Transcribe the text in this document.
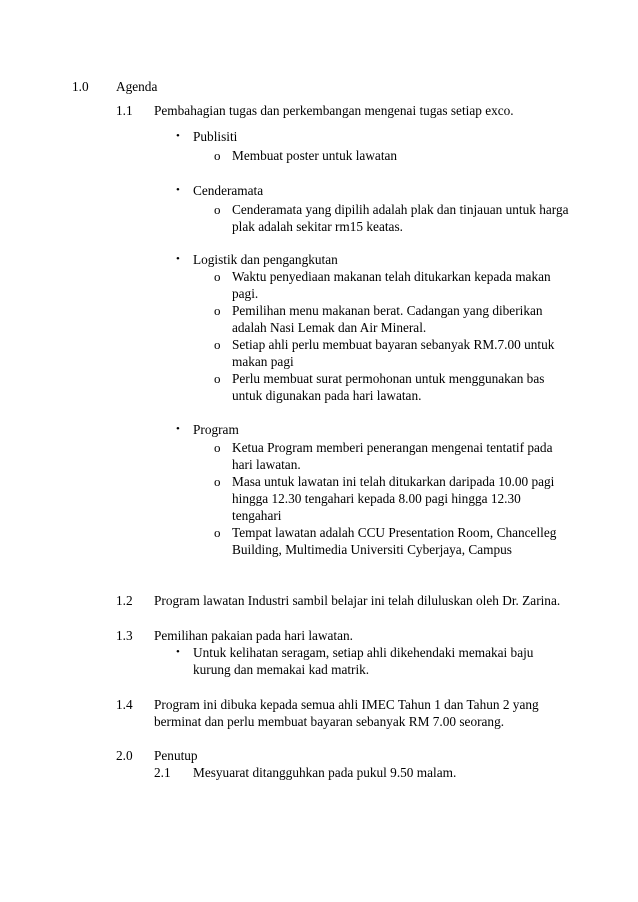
1.0 Agenda
1.1 Pembahagian tugas dan perkembangan mengenai tugas setiap exco.
• Publisiti
o Membuat poster untuk lawatan
• Cenderamata
o Cenderamata yang dipilih adalah plak dan tinjauan untuk harga
plak adalah sekitar rm15 keatas.
• Logistik dan pengangkutan
o Waktu penyediaan makanan telah ditukarkan kepada makan
pagi.
o Pemilihan menu makanan berat. Cadangan yang diberikan
adalah Nasi Lemak dan Air Mineral.
o Setiap ahli perlu membuat bayaran sebanyak RM.7.00 untuk
makan pagi
o Perlu membuat surat permohonan untuk menggunakan bas
untuk digunakan pada hari lawatan.
• Program
o Ketua Program memberi penerangan mengenai tentatif pada
hari lawatan.
o Masa untuk lawatan ini telah ditukarkan daripada 10.00 pagi
hingga 12.30 tengahari kepada 8.00 pagi hingga 12.30
tengahari
o Tempat lawatan adalah CCU Presentation Room, Chancelleg
Building, Multimedia Universiti Cyberjaya, Campus
1.2 Program lawatan Industri sambil belajar ini telah diluluskan oleh Dr. Zarina.
1.3 Pemilihan pakaian pada hari lawatan.
• Untuk kelihatan seragam, setiap ahli dikehendaki memakai baju
kurung dan memakai kad matrik.
1.4 Program ini dibuka kepada semua ahli IMEC Tahun 1 dan Tahun 2 yang
berminat dan perlu membuat bayaran sebanyak RM 7.00 seorang.
2.0 Penutup
2.1 Mesyuarat ditangguhkan pada pukul 9.50 malam.
